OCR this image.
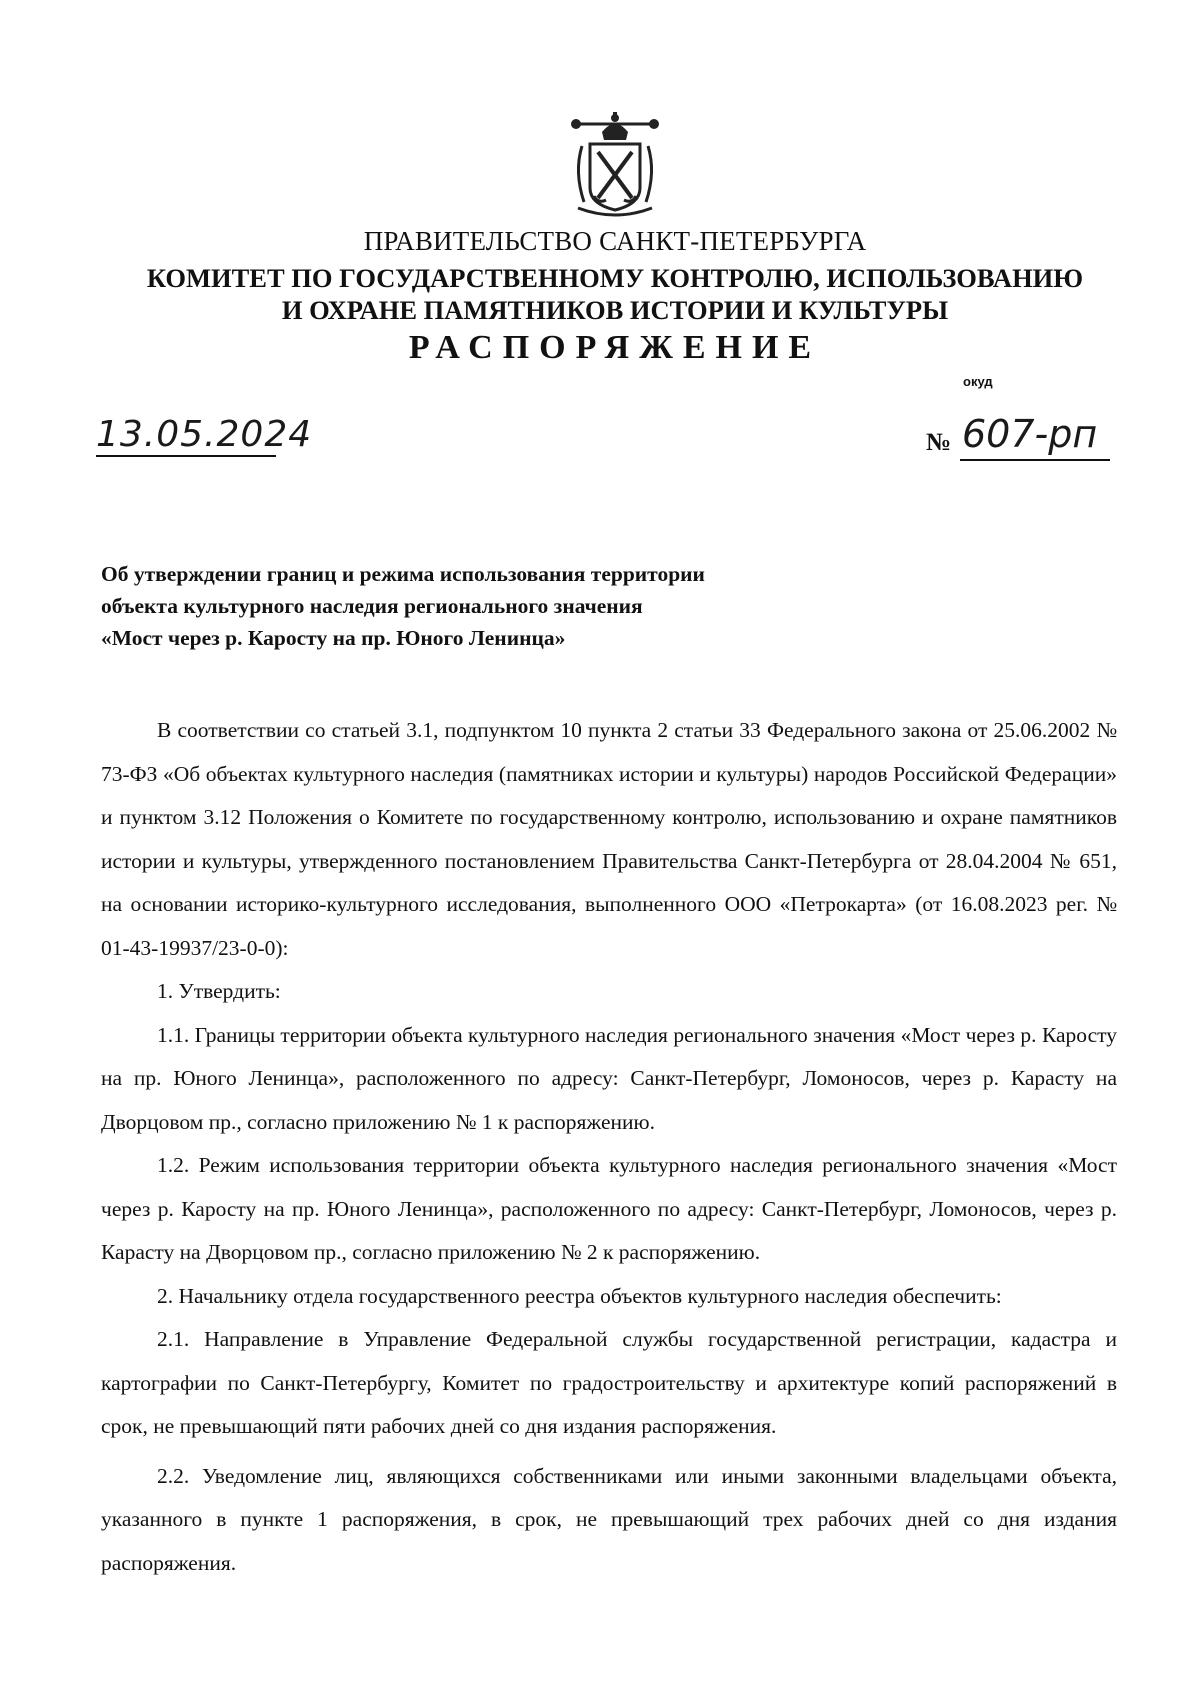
ПРАВИТЕЛЬСТВО САНКТ-ПЕТЕРБУРГА
КОМИТЕТ ПО ГОСУДАРСТВЕННОМУ КОНТРОЛЮ, ИСПОЛЬЗОВАНИЮ
И ОХРАНЕ ПАМЯТНИКОВ ИСТОРИИ И КУЛЬТУРЫ
РАСПОРЯЖЕНИЕ
окуд
13.05.2024	№ 607-рп
Об утверждении границ и режима использования территории
объекта культурного наследия регионального значения
«Мост через р. Каросту на пр. Юного Ленинца»

В соответствии со статьей 3.1, подпунктом 10 пункта 2 статьи 33 Федерального закона от 25.06.2002 № 73-ФЗ «Об объектах культурного наследия (памятниках истории и культуры) народов Российской Федерации» и пунктом 3.12 Положения о Комитете по государственному контролю, использованию и охране памятников истории и культуры, утвержденного постановлением Правительства Санкт-Петербурга от 28.04.2004 № 651, на основании историко-культурного исследования, выполненного ООО «Петрокарта» (от 16.08.2023 рег. № 01-43-19937/23-0-0):

1. Утвердить:

1.1. Границы территории объекта культурного наследия регионального значения «Мост через р. Каросту на пр. Юного Ленинца», расположенного по адресу: Санкт-Петербург, Ломоносов, через р. Карасту на Дворцовом пр., согласно приложению № 1 к распоряжению.

1.2. Режим использования территории объекта культурного наследия регионального значения «Мост через р. Каросту на пр. Юного Ленинца», расположенного по адресу: Санкт-Петербург, Ломоносов, через р. Карасту на Дворцовом пр., согласно приложению № 2 к распоряжению.

2. Начальнику отдела государственного реестра объектов культурного наследия обеспечить:

2.1. Направление в Управление Федеральной службы государственной регистрации, кадастра и картографии по Санкт-Петербургу, Комитет по градостроительству и архитектуре копий распоряжений в срок, не превышающий пяти рабочих дней со дня издания распоряжения.

2.2. Уведомление лиц, являющихся собственниками или иными законными владельцами объекта, указанного в пункте 1 распоряжения, в срок, не превышающий трех рабочих дней со дня издания распоряжения.
